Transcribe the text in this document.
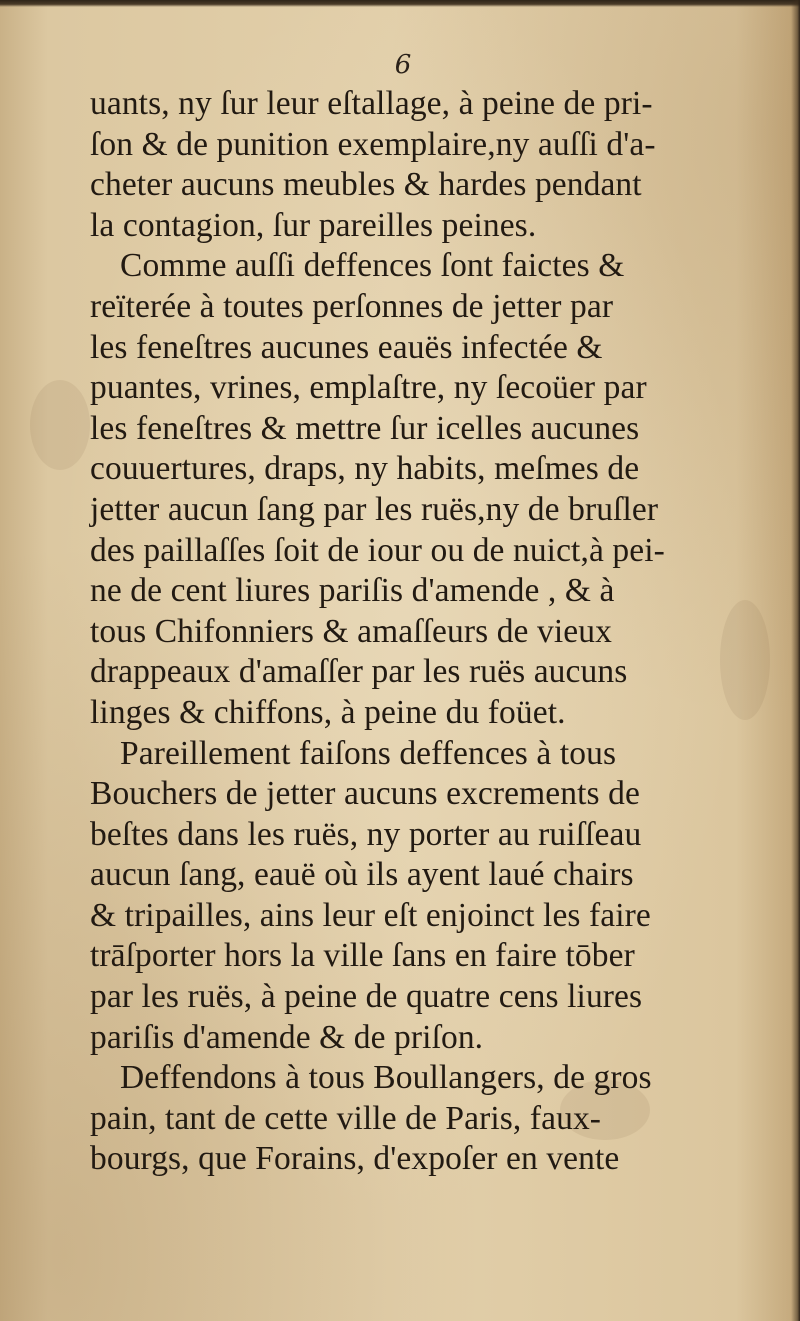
6
uants, ny ſur leur eſtallage, à peine de pri-
ſon & de punition exemplaire,ny auſſi d'a-
cheter aucuns meubles & hardes pendant
la contagion, ſur pareilles peines.
Comme auſſi deffences ſont faictes &
reïterée à toutes perſonnes de jetter par
les feneſtres aucunes eauës infectée &
puantes, vrines, emplaſtre, ny ſecoüer par
les feneſtres & mettre ſur icelles aucunes
couuertures, draps, ny habits, meſmes de
jetter aucun ſang par les ruës,ny de bruſler
des paillaſſes ſoit de iour ou de nuict,à pei-
ne de cent liures pariſis d'amende , & à
tous Chifonniers & amaſſeurs de vieux
drappeaux d'amaſſer par les ruës aucuns
linges & chiffons, à peine du foüet.
Pareillement faiſons deffences à tous
Bouchers de jetter aucuns excrements de
beſtes dans les ruës, ny porter au ruiſſeau
aucun ſang, eauë où ils ayent laué chairs
& tripailles, ains leur eſt enjoinct les faire
trāſporter hors la ville ſans en faire tōber
par les ruës, à peine de quatre cens liures
pariſis d'amende & de priſon.
Deffendons à tous Boullangers, de gros
pain, tant de cette ville de Paris, faux-
bourgs, que Forains, d'expoſer en vente
